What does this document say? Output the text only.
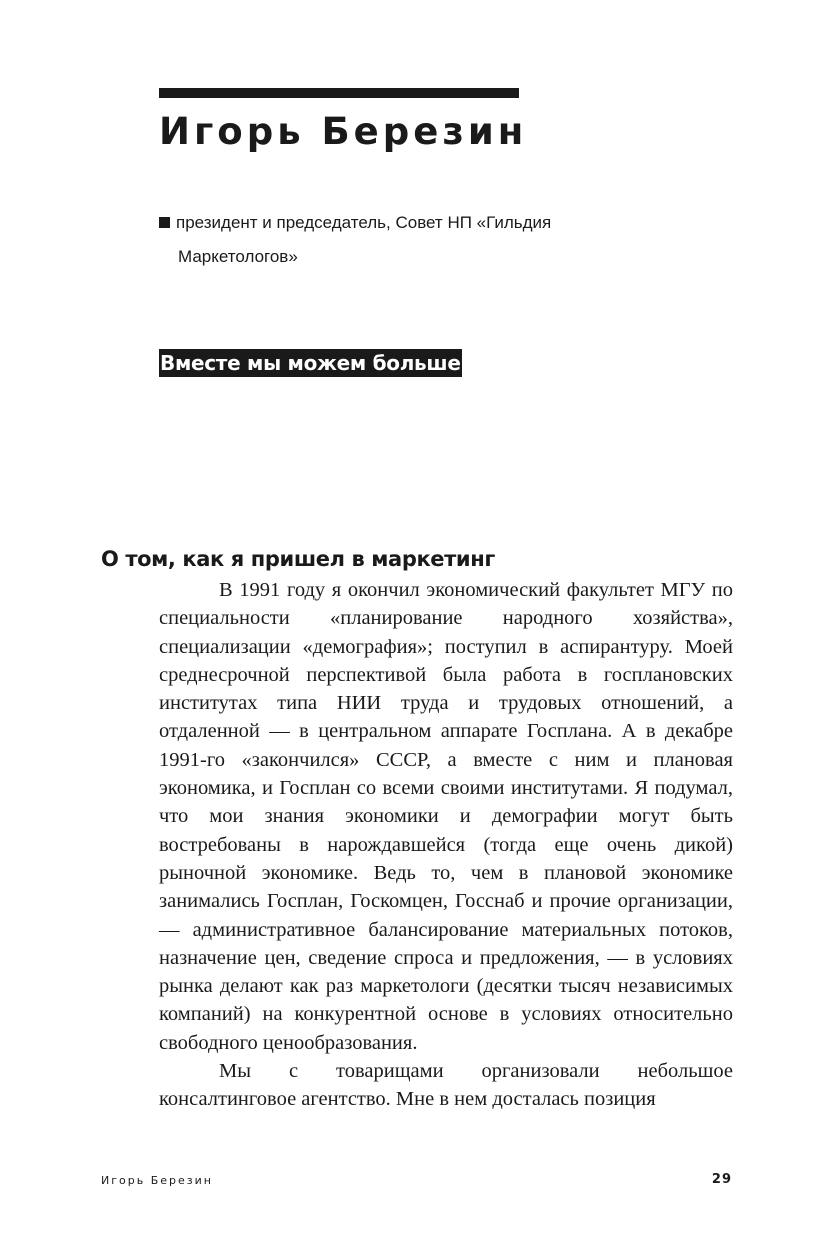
Игорь Березин
президент и председатель, Совет НП «Гильдия
Маркетологов»
Вместе мы можем больше
О том, как я пришел в маркетинг

В 1991 году я окончил экономический факультет МГУ по специальности «планирование народного хозяйства», специализации «демография»; поступил в аспирантуру. Моей среднесрочной перспективой была работа в госплановских институтах типа НИИ труда и трудовых отношений, а отдаленной — в центральном аппарате Госплана. А в декабре 1991-го «закончился» СССР, а вместе с ним и плановая экономика, и Госплан со всеми своими институтами. Я подумал, что мои знания экономики и демографии могут быть востребованы в нарождавшейся (тогда еще очень дикой) рыночной экономике. Ведь то, чем в плановой экономике занимались Госплан, Госкомцен, Госснаб и прочие организации, — административное балансирование материальных потоков, назначение цен, сведение спроса и предложения, — в условиях рынка делают как раз маркетологи (десятки тысяч независимых компаний) на конкурентной основе в условиях относительно свободного ценообразования.

Мы с товарищами организовали небольшое консалтинговое агентство. Мне в нем досталась позиция

Игорь Березин	29
